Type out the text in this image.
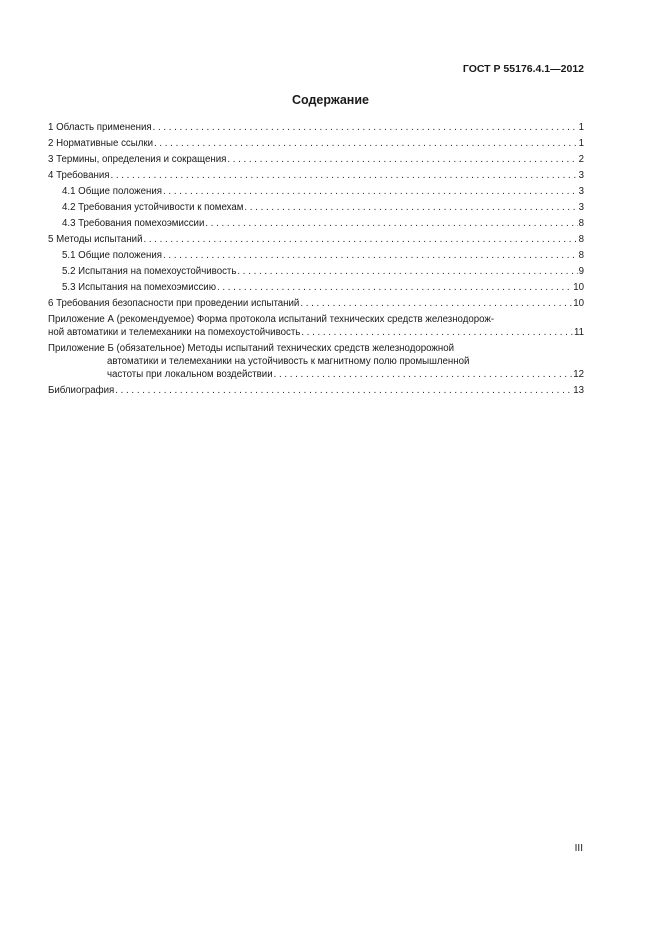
ГОСТ Р 55176.4.1—2012
Содержание
1 Область применения . . .	1
2 Нормативные ссылки . . .	1
3 Термины, определения и сокращения . . .	2
4 Требования . . .	3
4.1 Общие положения . . .	3
4.2 Требования устойчивости к помехам . . .	3
4.3 Требования помехоэмиссии . . .	8
5 Методы испытаний . . .	8
5.1 Общие положения . . .	8
5.2 Испытания на помехоустойчивость . . .	9
5.3 Испытания на помехоэмиссию . . .	10
6 Требования безопасности при проведении испытаний . . .	10
Приложение А (рекомендуемое) Форма протокола испытаний технических средств железнодорож-
ной автоматики и телемеханики на помехоустойчивость . . .	11
Приложение Б (обязательное) Методы испытаний технических средств железнодорожной
автоматики и телемеханики на устойчивость к магнитному полю промышленной
частоты при локальном воздействии . . .	12
Библиография . . .	13
III
